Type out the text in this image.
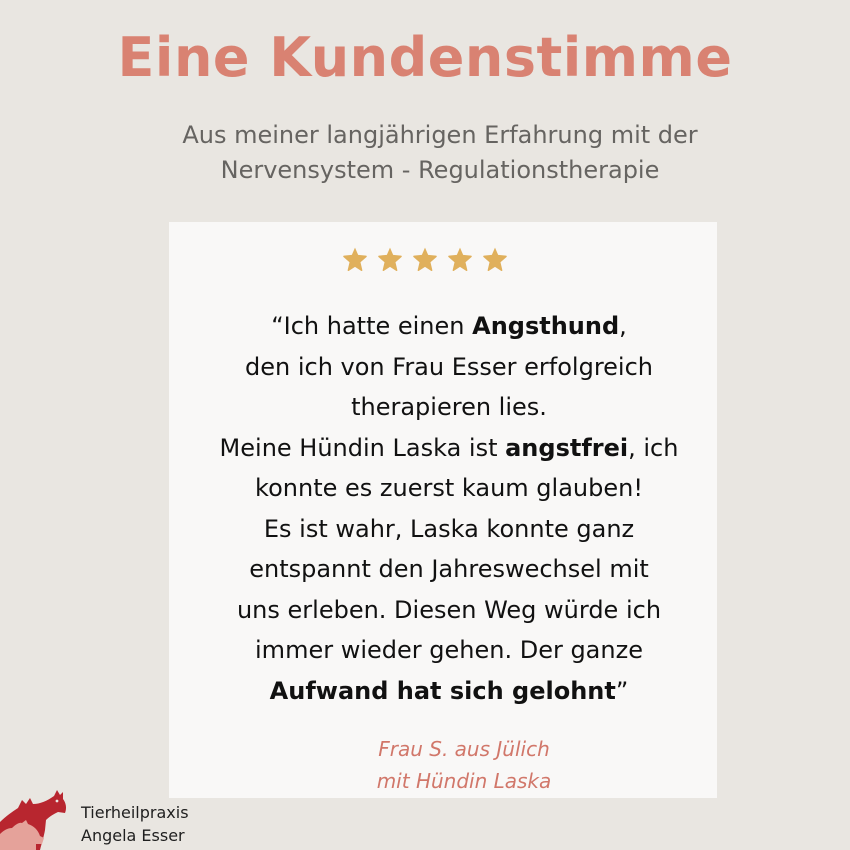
Eine Kundenstimme
Aus meiner langjährigen Erfahrung mit der
Nervensystem - Regulationstherapie
“Ich hatte einen Angsthund,
den ich von Frau Esser erfolgreich
therapieren lies.
Meine Hündin Laska ist angstfrei, ich
konnte es zuerst kaum glauben!
Es ist wahr, Laska konnte ganz
entspannt den Jahreswechsel mit
uns erleben. Diesen Weg würde ich
immer wieder gehen. Der ganze
Aufwand hat sich gelohnt”
Frau S. aus Jülich
mit Hündin Laska
Tierheilpraxis
Angela Esser
